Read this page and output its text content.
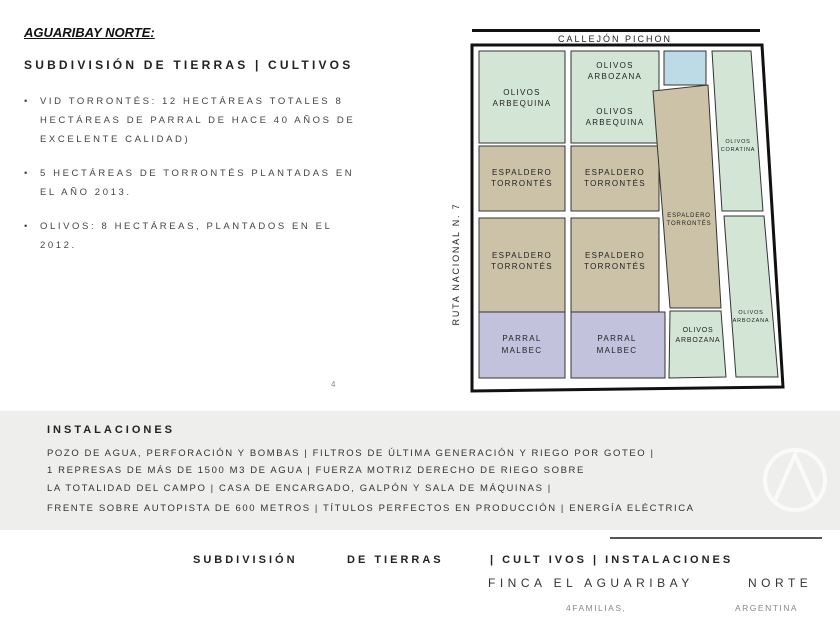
AGUARIBAY NORTE:
SUBDIVISIÓN DE TIERRAS | CULTIVOS
• VID TORRONTÉS: 12 HECTÁREAS TOTALES 8 HECTÁREAS DE PARRAL DE HACE 40 AÑOS DE EXCELENTE CALIDAD)
• 5 HECTÁREAS DE TORRONTÉS PLANTADAS EN EL AÑO 2013.
• OLIVOS: 8 HECTÁREAS, PLANTADOS EN EL 2012.
4
CALLEJÓN PICHON
RUTA NACIONAL N. 7
OLIVOS
ARBEQUINA
OLIVOS
ARBOZANA
OLIVOS
ARBEQUINA
ESPALDERO
TORRONTÉS
ESPALDERO
TORRONTÉS
ESPALDERO
TORRONTÉS
ESPALDERO
TORRONTÉS
PARRAL
MALBEC
PARRAL
MALBEC
ESPALDERO
TORRONTÉS
OLIVOS
ARBOZANA
OLIVOS
CORATINA
OLIVOS
ARBOZANA
INSTALACIONES
POZO DE AGUA, PERFORACIÓN Y BOMBAS | FILTROS DE ÚLTIMA GENERACIÓN Y RIEGO POR GOTEO |
1 REPRESAS DE MÁS DE 1500 M3 DE AGUA | FUERZA MOTRIZ DERECHO DE RIEGO SOBRE
LA TOTALIDAD DEL CAMPO | CASA DE ENCARGADO, GALPÓN Y SALA DE MÁQUINAS |
FRENTE SOBRE AUTOPISTA DE 600 METROS | TÍTULOS PERFECTOS EN PRODUCCIÓN | ENERGÍA ELÉCTRICA
SUBDIVISIÓN	DE TIERRAS	| CULT IVOS | INSTALACIONES
FINCA EL AGUARIBAY	NORTE
4FAMILIAS,	ARGENTINA
